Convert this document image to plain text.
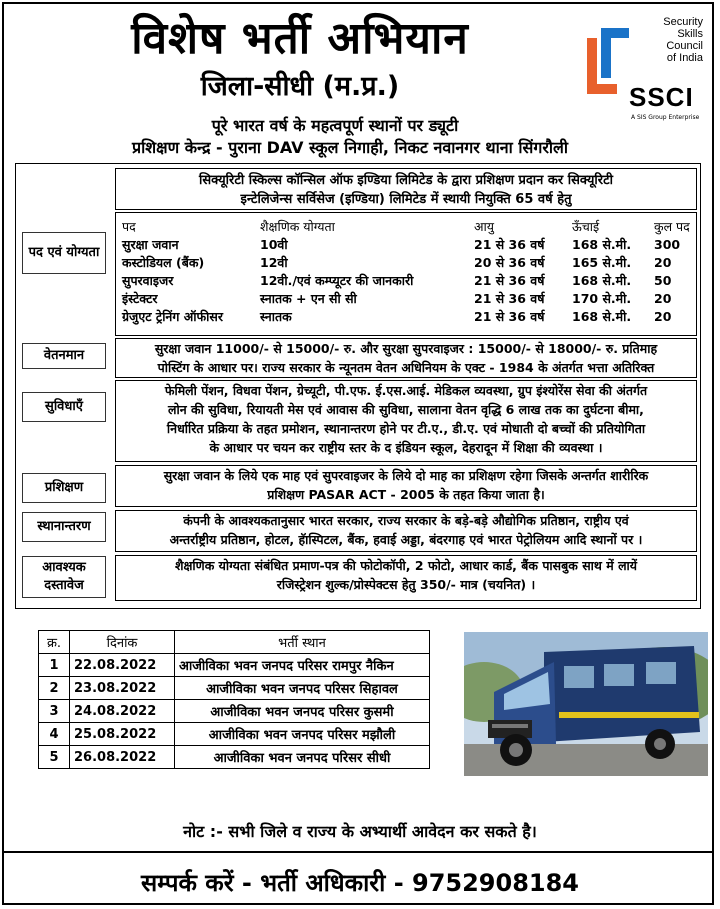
विशेष भर्ती अभियान
जिला-सीधी (म.प्र.)
पूरे भारत वर्ष के महत्वपूर्ण स्थानों पर ड्यूटी
प्रशिक्षण केन्द्र - पुराना DAV स्कूल निगाही, निकट नवानगर थाना सिंगरौली
Security
Skills
Council
of India
SSCI
A SIS Group Enterprise
सिक्यूरिटी स्किल्स कॉन्सिल ऑफ इण्डिया लिमिटेड के द्वारा प्रशिक्षण प्रदान कर सिक्यूरिटी
इन्टेलिजेन्स सर्विसेज (इण्डिया) लिमिटेड में स्थायी नियुक्ति 65 वर्ष हेतु
पद एवं योग्यता
पद	शैक्षणिक योग्यता	आयु	ऊँचाई	कुल पद
सुरक्षा जवान	10वी	21 से 36 वर्ष	168 से.मी.	300
कस्टोडियल (बैंक)	12वी	20 से 36 वर्ष	165 से.मी.	20
सुपरवाइजर	12वी./एवं कम्प्यूटर की जानकारी	21 से 36 वर्ष	168 से.मी.	50
इंस्टेक्टर	स्नातक + एन सी सी	21 से 36 वर्ष	170 से.मी.	20
ग्रेजुएट ट्रेनिंग ऑफीसर	स्नातक	21 से 36 वर्ष	168 से.मी.	20
वेतनमान	सुरक्षा जवान 11000/- से 15000/- रु. और सुरक्षा सुपरवाइजर : 15000/- से 18000/- रु. प्रतिमाह
पोस्टिंग के आधार पर। राज्य सरकार के न्यूनतम वेतन अधिनियम के एक्ट - 1984 के अंतर्गत भत्ता अतिरिक्त
सुविधाएँ
फेमिली पेंशन, विधवा पेंशन, ग्रेच्यूटी, पी.एफ. ई.एस.आई. मेडिकल व्यवस्था, ग्रुप इंश्योरेंस सेवा की अंतर्गत
लोन की सुविधा, रियायती मेस एवं आवास की सुविधा, सालाना वेतन वृद्धि 6 लाख तक का दुर्घटना बीमा,
निर्धारित प्रक्रिया के तहत प्रमोशन, स्थानान्तरण होने पर टी.ए., डी.ए. एवं मोधाती दो बच्चों की प्रतियोगिता
के आधार पर चयन कर राष्ट्रीय स्तर के द इंडियन स्कूल, देहरादून में शिक्षा की व्यवस्था ।
प्रशिक्षण
सुरक्षा जवान के लिये एक माह एवं सुपरवाइजर के लिये दो माह का प्रशिक्षण रहेगा जिसके अन्तर्गत शारीरिक
प्रशिक्षण PASAR ACT - 2005 के तहत किया जाता है।
स्थानान्तरण	कंपनी के आवश्यकतानुसार भारत सरकार, राज्य सरकार के बड़े-बड़े औद्योगिक प्रतिष्ठान, राष्ट्रीय एवं
अन्तर्राष्ट्रीय प्रतिष्ठान, होटल, हॅास्पिटल, बैंक, हवाई अड्डा, बंदरगाह एवं भारत पेट्रोलियम आदि स्थानों पर ।
आवश्यक दस्तावेज
शैक्षणिक योग्यता संबंधित प्रमाण-पत्र की फोटोकॉपी, 2 फोटो, आधार कार्ड, बैंक पासबुक साथ में लायें
रजिस्ट्रेशन शुल्क/प्रोस्पेक्टस हेतु 350/- मात्र (चयनित) ।
क्र.	दिनांक	भर्ती स्थान
1	22.08.2022	आजीविका भवन जनपद परिसर रामपुर नैकिन
2	23.08.2022	आजीविका भवन जनपद परिसर सिहावल
3	24.08.2022	आजीविका भवन जनपद परिसर कुसमी
4	25.08.2022	आजीविका भवन जनपद परिसर मझौली
5	26.08.2022	आजीविका भवन जनपद परिसर सीधी
नोट :- सभी जिले व राज्य के अभ्यार्थी आवेदन कर सकते है।
सम्पर्क करें - भर्ती अधिकारी - 9752908184
